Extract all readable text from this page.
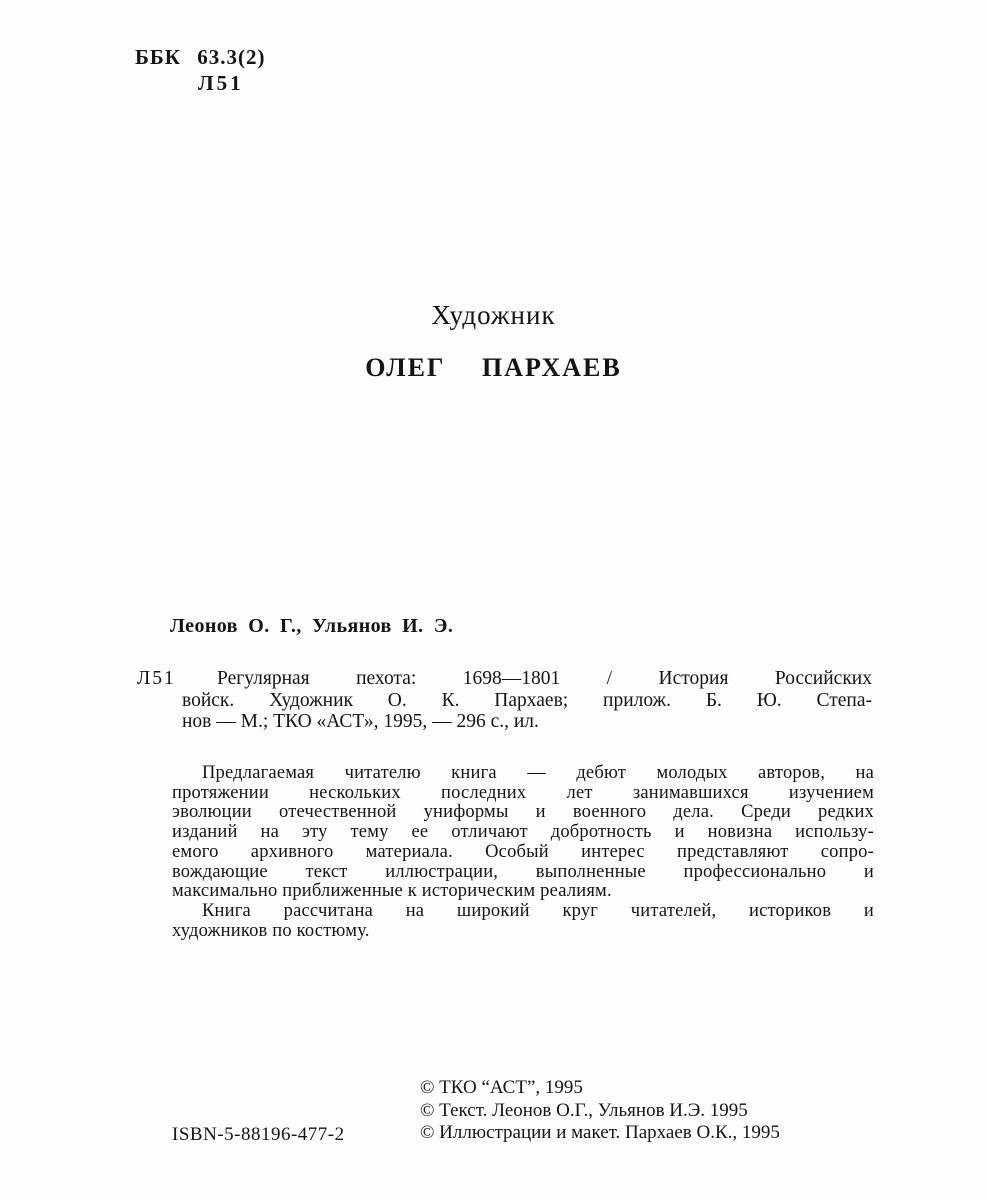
ББК 63.3(2)
Л51
Художник
ОЛЕГ ПАРХАЕВ
Леонов О. Г., Ульянов И. Э.
Л51	Регулярная пехота: 1698—1801 / История Российских
войск. Художник О. К. Пархаев; прилож. Б. Ю. Степа-
нов — М.; ТКО «АСТ», 1995, — 296 с., ил.
Предлагаемая читателю книга — дебют молодых авторов, на
протяжении нескольких последних лет занимавшихся изучением
эволюции отечественной униформы и военного дела. Среди редких
изданий на эту тему ее отличают добротность и новизна использу-
емого архивного материала. Особый интерес представляют сопро-
вождающие текст иллюстрации, выполненные профессионально и
максимально приближенные к историческим реалиям.
Книга рассчитана на широкий круг читателей, историков и
художников по костюму.
ISBN-5-88196-477-2
© ТКО “АСТ”, 1995
© Текст. Леонов О.Г., Ульянов И.Э. 1995
© Иллюстрации и макет. Пархаев О.К., 1995
